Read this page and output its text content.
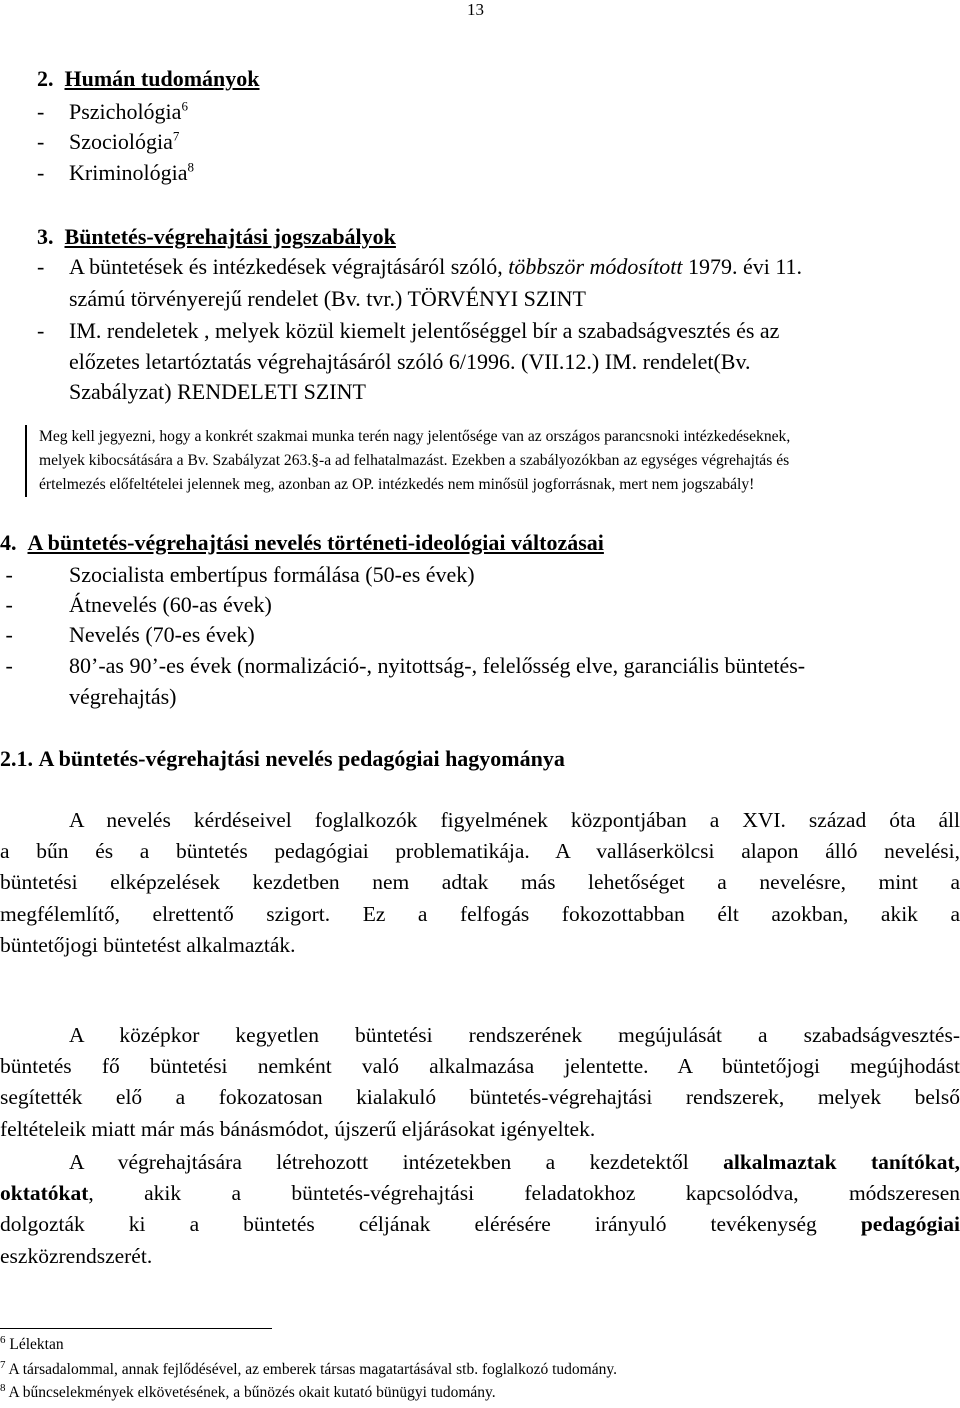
13
2. Humán tudományok
- Pszichológia$^6$
- Szociológia$^7$
- Kriminológia$^8$
3. Büntetés-végrehajtási jogszabályok
- A büntetések és intézkedések végrajtásáról szóló, többször módosított 1979. évi 11.
számú törvényerejű rendelet (Bv. tvr.) TÖRVÉNYI SZINT
- IM. rendeletek , melyek közül kiemelt jelentőséggel bír a szabadságvesztés és az
előzetes letartóztatás végrehajtásáról szóló 6/1996. (VII.12.) IM. rendelet(Bv.
Szabályzat) RENDELETI SZINT
Meg kell jegyezni, hogy a konkrét szakmai munka terén nagy jelentősége van az országos parancsnoki intézkedéseknek,
melyek kibocsátására a Bv. Szabályzat 263.§-a ad felhatalmazást. Ezekben a szabályozókban az egységes végrehajtás és
értelmezés előfeltételei jelennek meg, azonban az OP. intézkedés nem minősül jogforrásnak, mert nem jogszabály!
4. A büntetés-végrehajtási nevelés történeti-ideológiai változásai
-	Szocialista embertípus formálása (50-es évek)
-	Átnevelés (60-as évek)
-	Nevelés (70-es évek)
-	80’-as 90’-es évek (normalizáció-, nyitottság-, felelősség elve, garanciális büntetés-
végrehajtás)
2.1. A büntetés-végrehajtási nevelés pedagógiai hagyománya
A nevelés kérdéseivel foglalkozók figyelmének központjában a XVI. század óta áll
a bűn és a büntetés pedagógiai problematikája. A valláserkölcsi alapon álló nevelési,
büntetési elképzelések kezdetben nem adtak más lehetőséget a nevelésre, mint a
megfélemlítő, elrettentő szigort. Ez a felfogás fokozottabban élt azokban, akik a
büntetőjogi büntetést alkalmazták.
A középkor kegyetlen büntetési rendszerének megújulását a szabadságvesztés-
büntetés fő büntetési nemként való alkalmazása jelentette. A büntetőjogi megújhodást
segítették elő a fokozatosan kialakuló büntetés-végrehajtási rendszerek, melyek belső
feltételeik miatt már más bánásmódot, újszerű eljárásokat igényeltek.
A végrehajtására létrehozott intézetekben a kezdetektől alkalmaztak tanítókat,
oktatókat, akik a büntetés-végrehajtási feladatokhoz kapcsolódva, módszeresen
dolgozták ki a büntetés céljának elérésére irányuló tevékenység pedagógiai
eszközrendszerét.
$^6$ Lélektan
$^7$ A társadalommal, annak fejlődésével, az emberek társas magatartásával stb. foglalkozó tudomány.
$^8$ A bűncselekmények elkövetésének, a bűnözés okait kutató bünügyi tudomány.
